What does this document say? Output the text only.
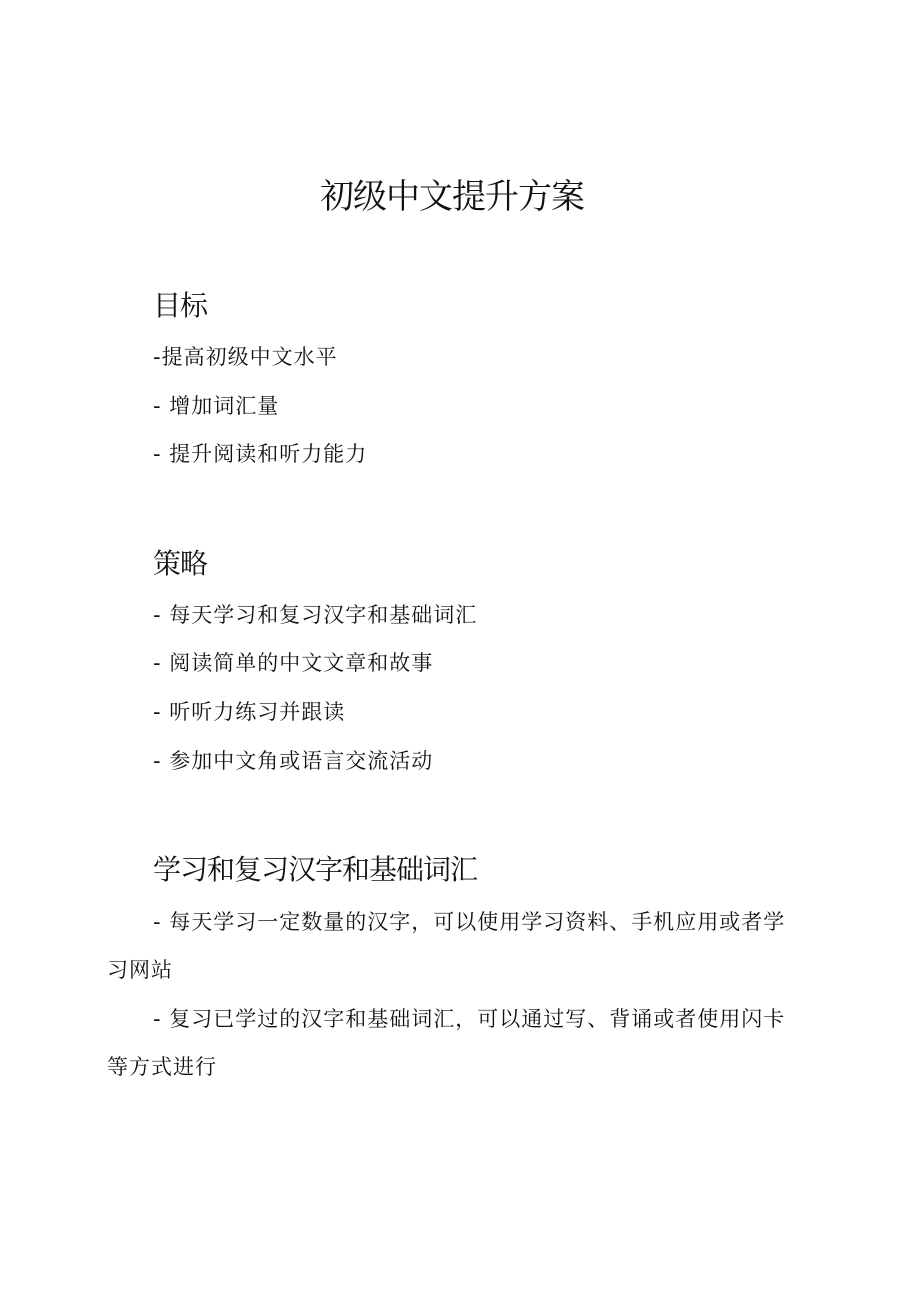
初级中文提升方案
目标

-提高初级中文水平

- 增加词汇量

- 提升阅读和听力能力

策略

- 每天学习和复习汉字和基础词汇

- 阅读简单的中文文章和故事

- 听听力练习并跟读

- 参加中文角或语言交流活动

学习和复习汉字和基础词汇

- 每天学习一定数量的汉字，可以使用学习资料、手机应用或者学习网站

- 复习已学过的汉字和基础词汇，可以通过写、背诵或者使用闪卡等方式进行
